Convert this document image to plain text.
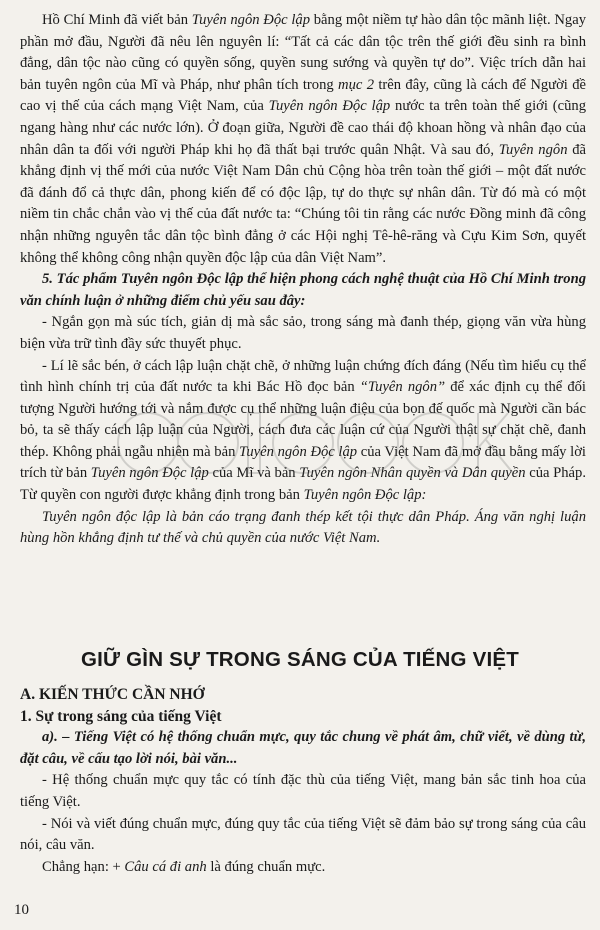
Hồ Chí Minh đã viết bản Tuyên ngôn Độc lập bằng một niềm tự hào dân tộc mãnh liệt. Ngay phần mở đầu, Người đã nêu lên nguyên lí: “Tất cả các dân tộc trên thế giới đều sinh ra bình đẳng, dân tộc nào cũng có quyền sống, quyền sung sướng và quyền tự do”. Việc trích dẫn hai bản tuyên ngôn của Mĩ và Pháp, như phân tích trong mục 2 trên đây, cũng là cách để Người đề cao vị thế của cách mạng Việt Nam, của Tuyên ngôn Độc lập nước ta trên toàn thế giới (cũng ngang hàng như các nước lớn). Ở đoạn giữa, Người đề cao thái độ khoan hồng và nhân đạo của nhân dân ta đối với người Pháp khi họ đã thất bại trước quân Nhật. Và sau đó, Tuyên ngôn đã khẳng định vị thế mới của nước Việt Nam Dân chủ Cộng hòa trên toàn thế giới – một đất nước đã đánh đổ cả thực dân, phong kiến để có độc lập, tự do thực sự nhân dân. Từ đó mà có một niềm tin chắc chắn vào vị thế của đất nước ta: “Chúng tôi tin rằng các nước Đồng minh đã công nhận những nguyên tắc dân tộc bình đẳng ở các Hội nghị Tê-hê-răng và Cựu Kim Sơn, quyết không thể không công nhận quyền độc lập của dân Việt Nam”.

5. Tác phẩm Tuyên ngôn Độc lập thể hiện phong cách nghệ thuật của Hồ Chí Minh trong văn chính luận ở những điểm chủ yếu sau đây:

- Ngắn gọn mà súc tích, giản dị mà sắc sảo, trong sáng mà đanh thép, giọng văn vừa hùng biện vừa trữ tình đầy sức thuyết phục.

- Lí lẽ sắc bén, ở cách lập luận chặt chẽ, ở những luận chứng đích đáng (Nếu tìm hiểu cụ thể tình hình chính trị của đất nước ta khi Bác Hồ đọc bản “Tuyên ngôn” để xác định cụ thể đối tượng Người hướng tới và nắm được cụ thể những luận điệu của bọn đế quốc mà Người cần bác bỏ, ta sẽ thấy cách lập luận của Người, cách đưa các luận cứ của Người thật sự chặt chẽ, đanh thép. Không phải ngẫu nhiên mà bản Tuyên ngôn Độc lập của Việt Nam đã mở đầu bằng mấy lời trích từ bản Tuyên ngôn Độc lập của Mĩ và bản Tuyên ngôn Nhân quyền và Dân quyền của Pháp. Từ quyền con người được khẳng định trong bản Tuyên ngôn Độc lập:

Tuyên ngôn độc lập là bản cáo trạng đanh thép kết tội thực dân Pháp. Áng văn nghị luận hùng hồn khẳng định tư thế và chủ quyền của nước Việt Nam.

GIỮ GÌN SỰ TRONG SÁNG CỦA TIẾNG VIỆT
A. KIẾN THỨC CẦN NHỚ
1. Sự trong sáng của tiếng Việt

a). – Tiếng Việt có hệ thống chuẩn mực, quy tắc chung về phát âm, chữ viết, về dùng từ, đặt câu, về cấu tạo lời nói, bài văn...

- Hệ thống chuẩn mực quy tắc có tính đặc thù của tiếng Việt, mang bản sắc tinh hoa của tiếng Việt.

- Nói và viết đúng chuẩn mực, đúng quy tắc của tiếng Việt sẽ đảm bảo sự trong sáng của câu nói, câu văn.

Chẳng hạn: + Câu cá đi anh là đúng chuẩn mực.

10
